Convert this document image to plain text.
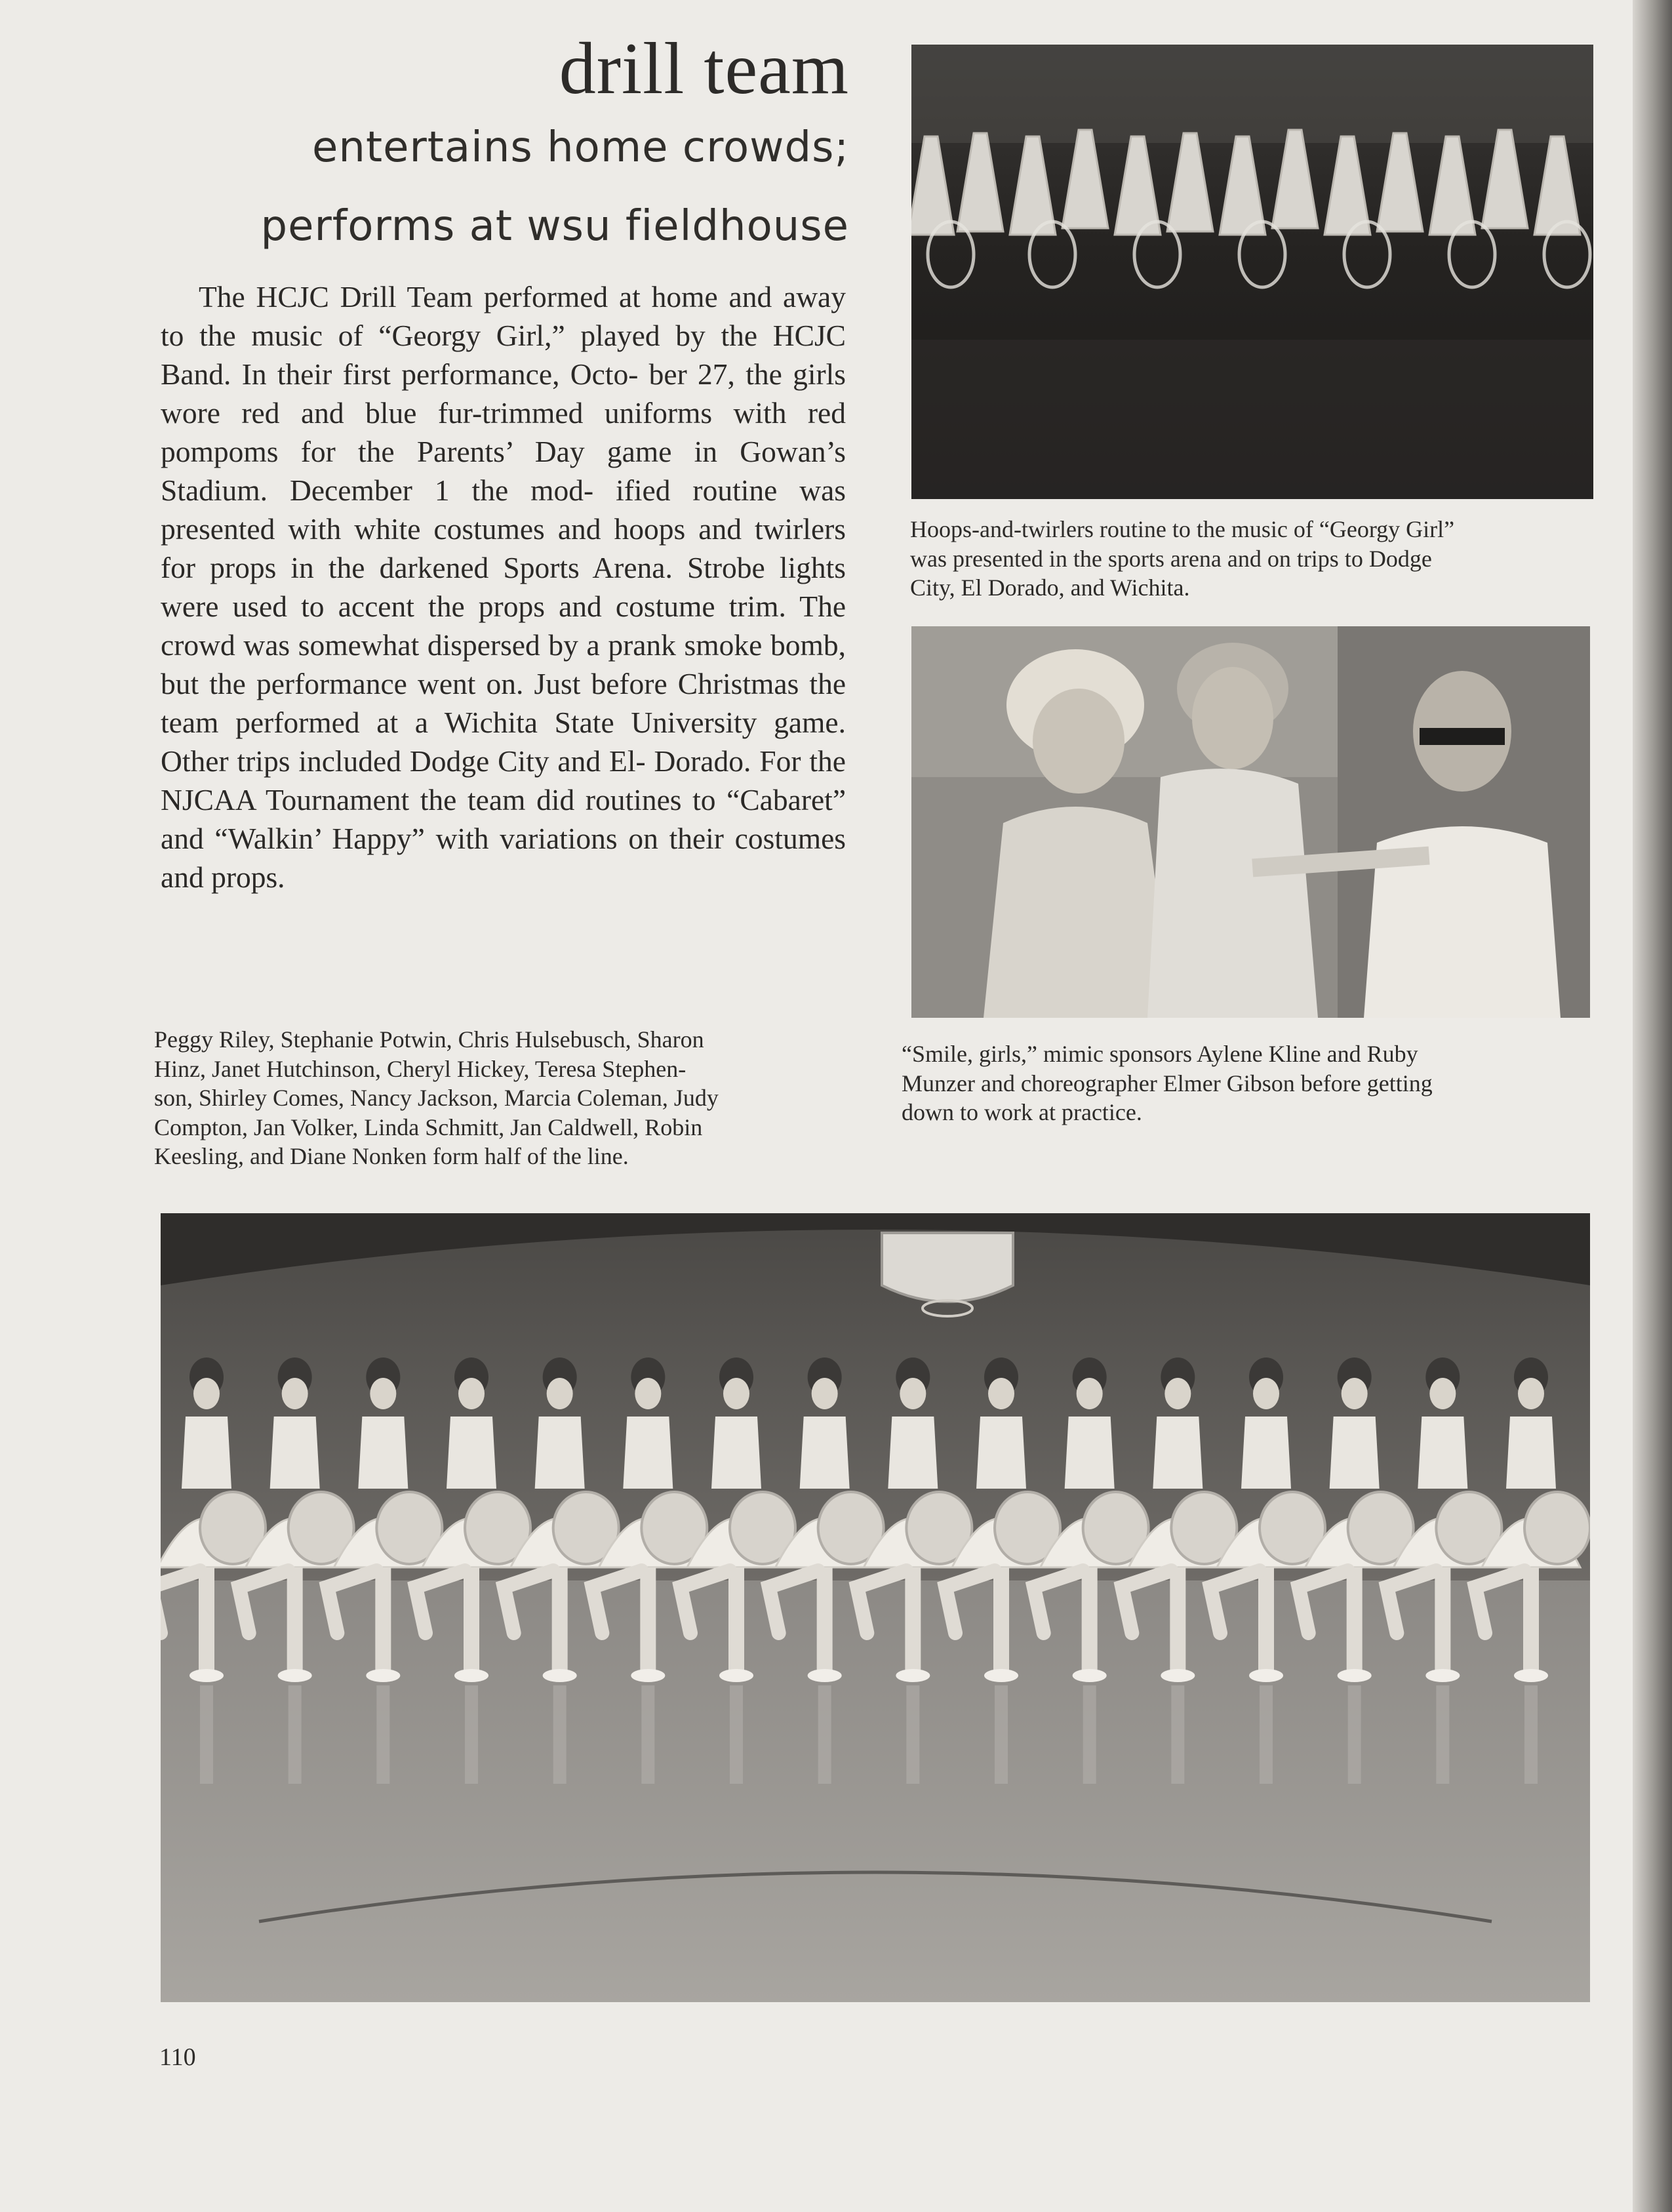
drill team
entertains home crowds;
performs at wsu fieldhouse

The HCJC Drill Team performed at home and away to the music of “Georgy Girl,” played by the HCJC Band. In their first performance, Octo- ber 27, the girls wore red and blue fur-trimmed uniforms with red pompoms for the Parents’ Day game in Gowan’s Stadium. December 1 the mod- ified routine was presented with white costumes and hoops and twirlers for props in the darkened Sports Arena. Strobe lights were used to accent the props and costume trim. The crowd was somewhat dispersed by a prank smoke bomb, but the performance went on. Just before Christmas the team performed at a Wichita State University game. Other trips included Dodge City and El- Dorado. For the NJCAA Tournament the team did routines to “Cabaret” and “Walkin’ Happy” with variations on their costumes and props.

Hoops-and-twirlers routine to the music of “Georgy Girl”
was presented in the sports arena and on trips to Dodge
City, El Dorado, and Wichita.
“Smile, girls,” mimic sponsors Aylene Kline and Ruby
Munzer and choreographer Elmer Gibson before getting
down to work at practice.
Peggy Riley, Stephanie Potwin, Chris Hulsebusch, Sharon
Hinz, Janet Hutchinson, Cheryl Hickey, Teresa Stephen-
son, Shirley Comes, Nancy Jackson, Marcia Coleman, Judy
Compton, Jan Volker, Linda Schmitt, Jan Caldwell, Robin
Keesling, and Diane Nonken form half of the line.
110
